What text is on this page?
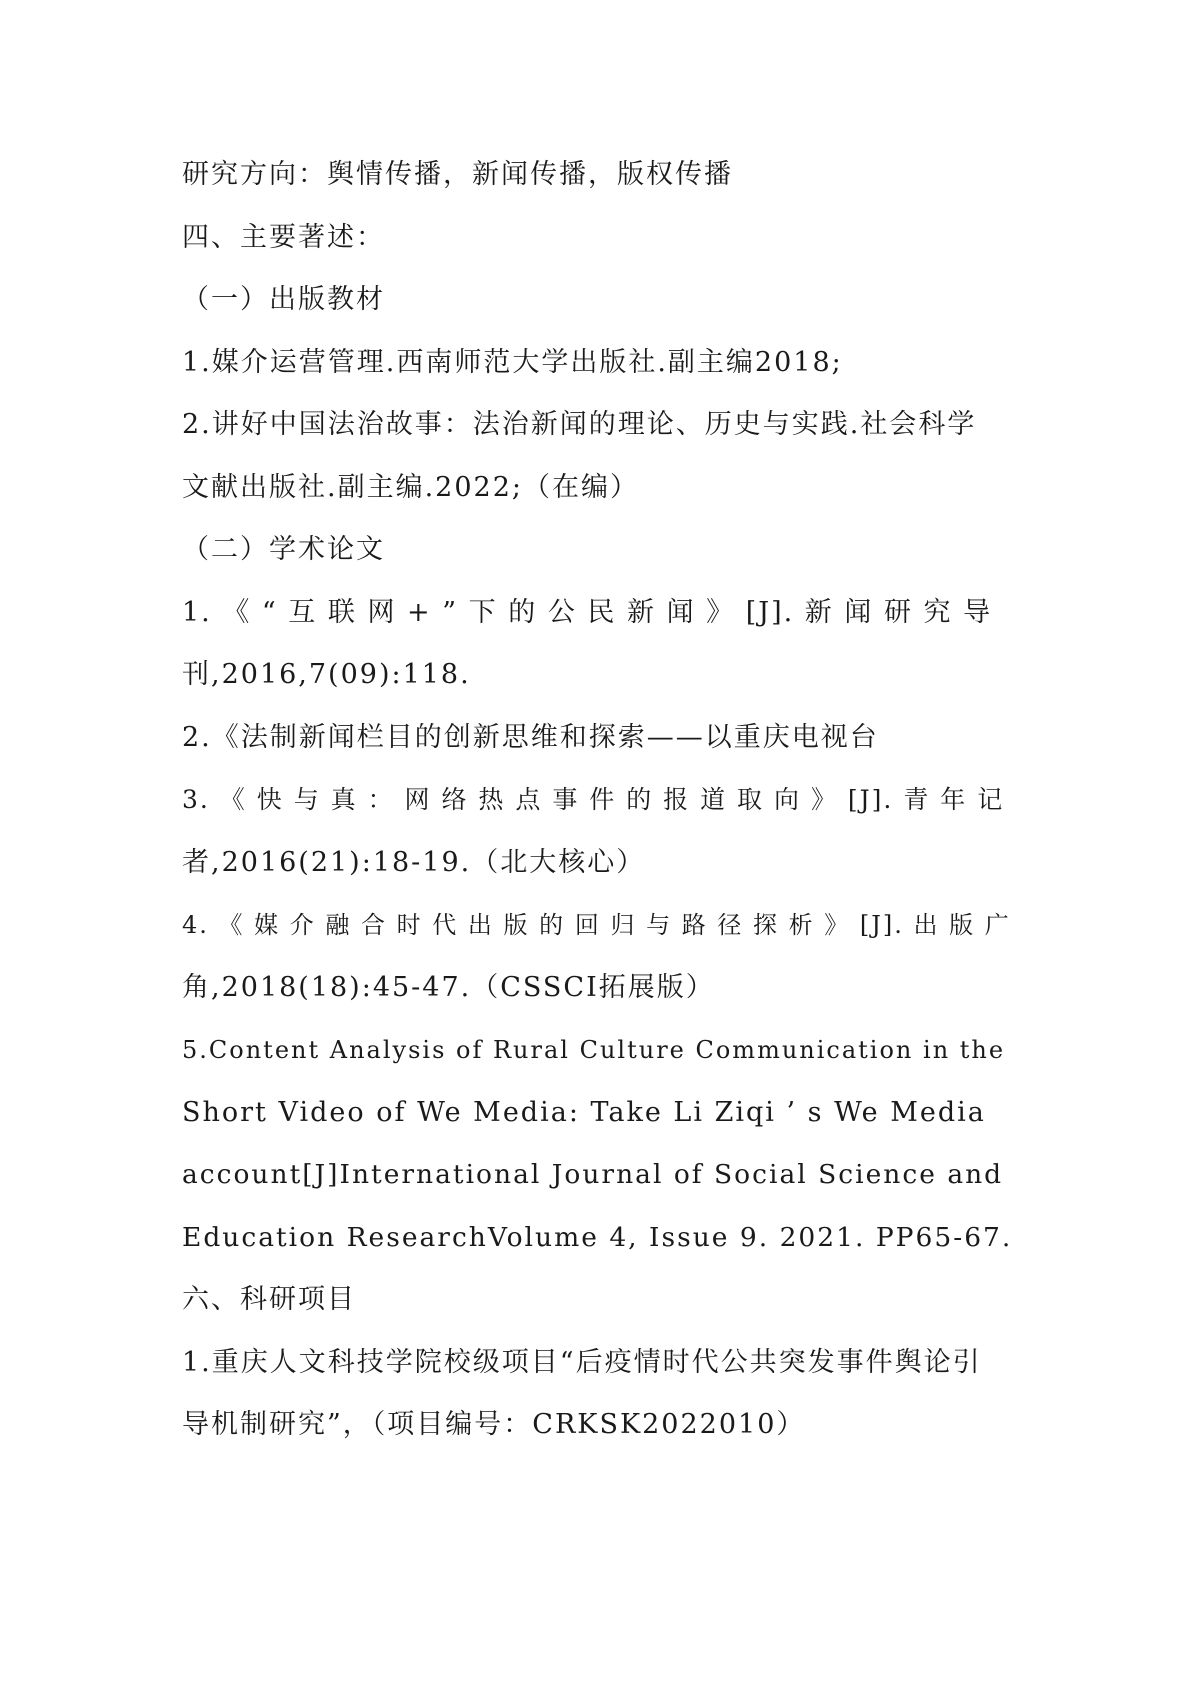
研究方向：舆情传播，新闻传播，版权传播
四、主要著述：
（一）出版教材
1.媒介运营管理.西南师范大学出版社.副主编2018;
2.讲好中国法治故事：法治新闻的理论、历史与实践.社会科学
文献出版社.副主编.2022;（在编）
（二）学术论文
1. 《 “ 互 联 网 + ” 下 的 公 民 新 闻 》 [J]. 新 闻 研 究 导
刊,2016,7(09):118.
2.《法制新闻栏目的创新思维和探索——以重庆电视台
3. 《 快 与 真 ： 网 络 热 点 事 件 的 报 道 取 向 》 [J]. 青 年 记
者,2016(21):18-19.（北大核心）
4. 《 媒 介 融 合 时 代 出 版 的 回 归 与 路 径 探 析 》 [J]. 出 版 广
角,2018(18):45-47.（CSSCI拓展版）
5.Content Analysis of Rural Culture Communication in the
Short Video of We Media: Take Li Ziqi ’ s We Media
account[J]International Journal of Social Science and
Education ResearchVolume 4, Issue 9. 2021. PP65-67.
六、科研项目
1.重庆人文科技学院校级项目“后疫情时代公共突发事件舆论引
导机制研究”，（项目编号：CRKSK2022010）
